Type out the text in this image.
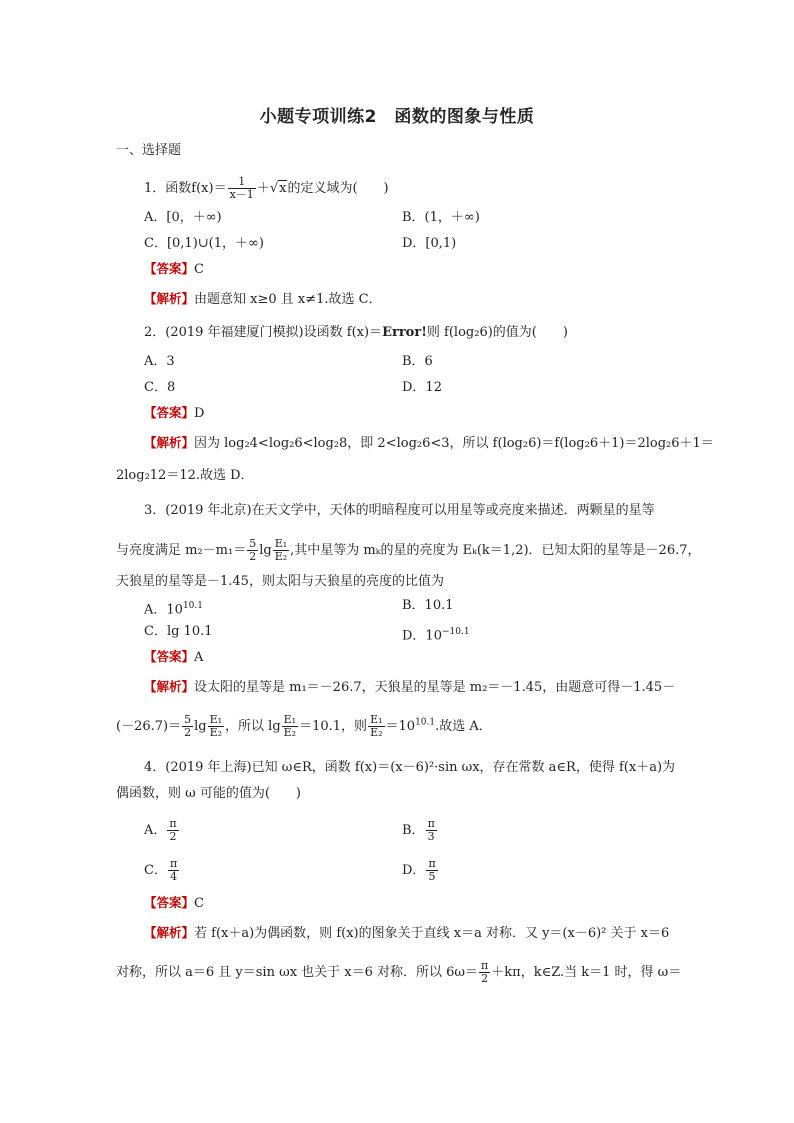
小题专项训练2　函数的图象与性质
一、选择题
1．函数$f(x)= \frac{1}{x-1} +√x$的定义域为(　　)
A．[0，＋∞)	B．(1，＋∞)
C．[0,1)∪(1，＋∞)	D．[0,1)
【答案】C
【解析】由题意知 x≥0 且 x≠1.故选 C．
2．(2019 年福建厦门模拟)设函数 f(x)＝Error!则 f(log₂6)的值为(　　)
A．3	B．6
C．8	D．12
【答案】D
【解析】因为 log₂4<log₂6<log₂8，即 2<log₂6<3，所以 f(log₂6)＝f(log₂6＋1)＝2log₂6＋1＝
2log₂12＝12.故选 D．
3．(2019 年北京)在天文学中，天体的明暗程度可以用星等或亮度来描述．两颗星的星等
与亮度满足 $m_2-m_1= \frac{5}{2}$ $\lg \frac{\text{E₁}}{\text{E₂}}$ ,其中星等为 mₖ的星的亮度为 Eₖ(k＝1,2)．已知太阳的星等是－26.7，
天狼星的星等是－1.45，则太阳与天狼星的亮度的比值为
A．$10^{10.1}$	B．10.1
C．lg 10.1	D．$10^{-10.1}$
【答案】A
【解析】设太阳的星等是 m₁＝－26.7，天狼星的星等是 m₂＝－1.45，由题意可得－1.45－
$(-26.7)= \frac{5}{2}$ $\lg \frac{\text{E₁}}{\text{E₂}}$ ，所以 $\lg \frac{\text{E₁}}{\text{E₂}} =10.1$，则 $\frac{\text{E₁}}{\text{E₂}} =10^{10.1}$.故选 A．
4．(2019 年上海)已知 ω∈R，函数 f(x)＝(x－6)²·sin ωx，存在常数 a∈R，使得 f(x＋a)为
偶函数，则 ω 可能的值为(　　)
A． $\frac{\pi}{2}$	B． $\frac{\pi}{3}$
C． $\frac{\pi}{4}$	D． $\frac{\pi}{5}$
【答案】C
【解析】若 f(x＋a)为偶函数，则 f(x)的图象关于直线 x＝a 对称．又 y＝(x－6)² 关于 x＝6
对称，所以 a＝6 且 y＝sin ωx 也关于 x＝6 对称．所以 $6\omega= \frac{\pi}{2} +k\pi$，k∈Z.当 k＝1 时，得 ω＝
